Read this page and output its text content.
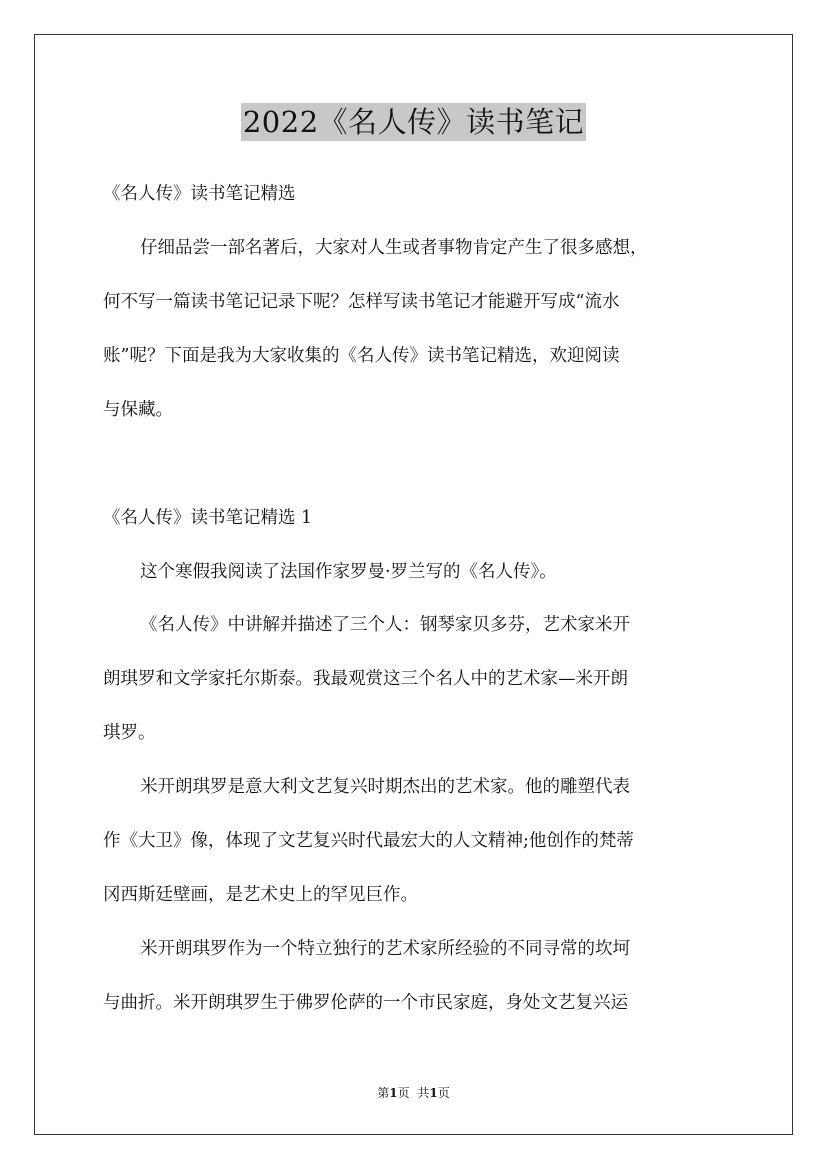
2022《名人传》读书笔记
《名人传》读书笔记精选
仔细品尝一部名著后，大家对人生或者事物肯定产生了很多感想，
何不写一篇读书笔记记录下呢？怎样写读书笔记才能避开写成“流水
账”呢？下面是我为大家收集的《名人传》读书笔记精选，欢迎阅读
与保藏。
《名人传》读书笔记精选 1
这个寒假我阅读了法国作家罗曼·罗兰写的《名人传》。
《名人传》中讲解并描述了三个人：钢琴家贝多芬，艺术家米开
朗琪罗和文学家托尔斯泰。我最观赏这三个名人中的艺术家—米开朗
琪罗。
米开朗琪罗是意大利文艺复兴时期杰出的艺术家。他的雕塑代表
作《大卫》像，体现了文艺复兴时代最宏大的人文精神;他创作的梵蒂
冈西斯廷壁画，是艺术史上的罕见巨作。
米开朗琪罗作为一个特立独行的艺术家所经验的不同寻常的坎坷
与曲折。米开朗琪罗生于佛罗伦萨的一个市民家庭，身处文艺复兴运
第1页 共1页
